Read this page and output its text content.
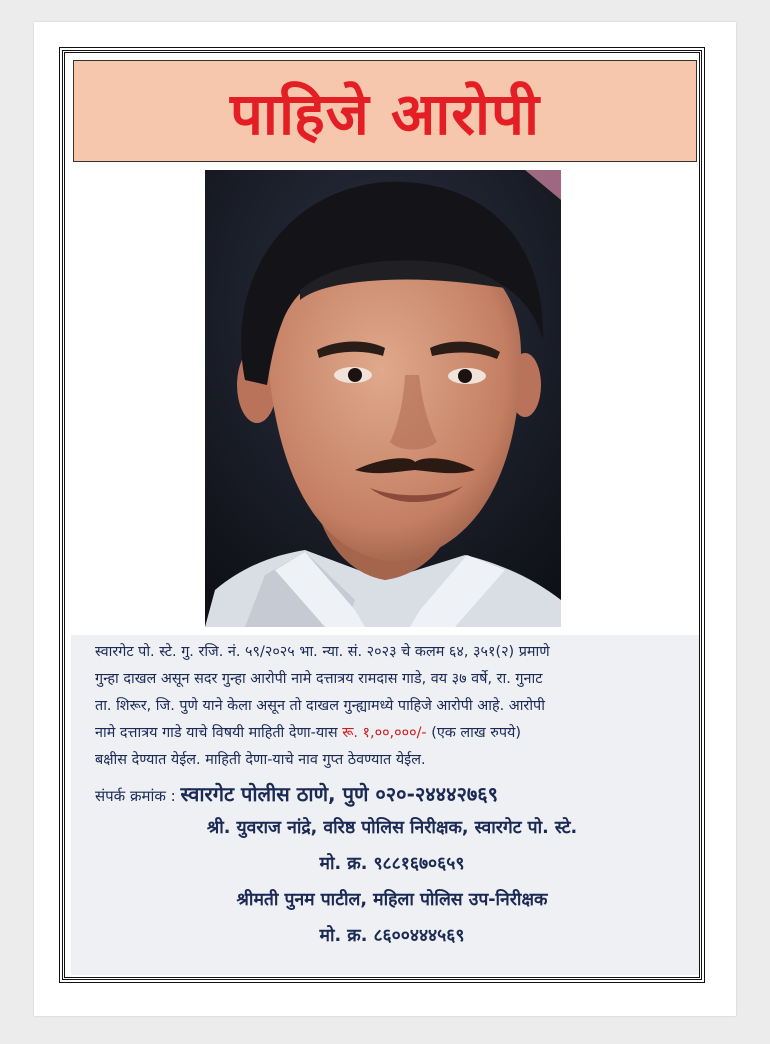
पाहिजे आरोपी
स्वारगेट पो. स्टे. गु. रजि. नं. ५९/२०२५ भा. न्या. सं. २०२३ चे कलम ६४, ३५१(२) प्रमाणे
गुन्हा दाखल असून सदर गुन्हा आरोपी नामे दत्तात्रय रामदास गाडे, वय ३७ वर्षे, रा. गुनाट
ता. शिरूर, जि. पुणे याने केला असून तो दाखल गुन्ह्यामध्ये पाहिजे आरोपी आहे. आरोपी
नामे दत्तात्रय गाडे याचे विषयी माहिती देणा-यास रू. १,००,०००/- (एक लाख रुपये)
बक्षीस देण्यात येईल. माहिती देणा-याचे नाव गुप्त ठेवण्यात येईल.
संपर्क क्रमांक : स्वारगेट पोलीस ठाणे, पुणे ०२०-२४४४२७६९
श्री. युवराज नांद्रे, वरिष्ठ पोलिस निरीक्षक, स्वारगेट पो. स्टे.
मो. क्र. ९८८१६७०६५९
श्रीमती पुनम पाटील, महिला पोलिस उप-निरीक्षक
मो. क्र. ८६००४४४५६९
